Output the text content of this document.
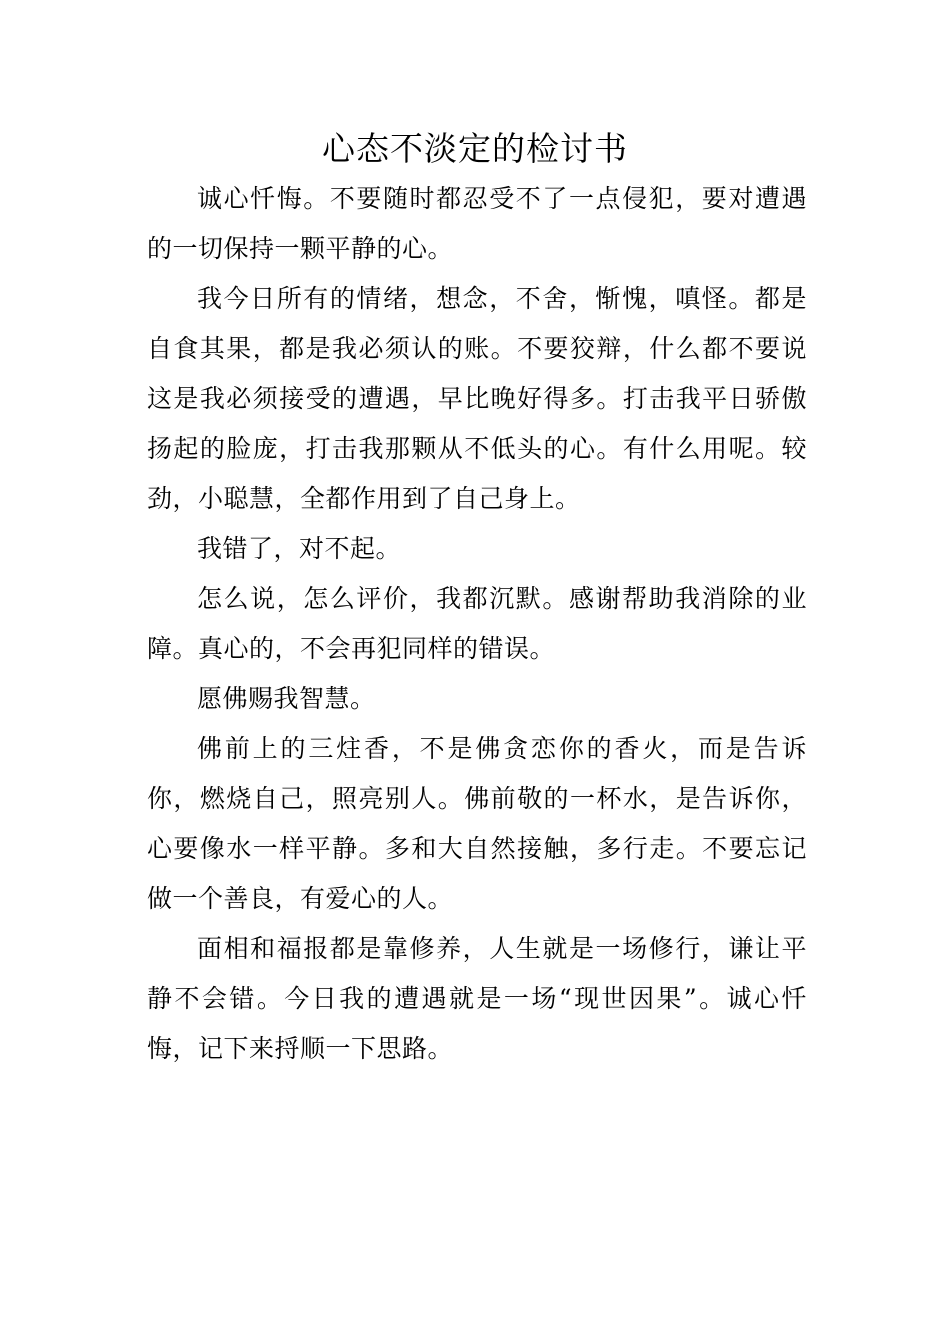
心态不淡定的检讨书

诚心忏悔。不要随时都忍受不了一点侵犯，要对遭遇的一切保持一颗平静的心。

我今日所有的情绪，想念，不舍，惭愧，嗔怪。都是自食其果，都是我必须认的账。不要狡辩，什么都不要说这是我必须接受的遭遇，早比晚好得多。打击我平日骄傲扬起的脸庞，打击我那颗从不低头的心。有什么用呢。较劲，小聪慧，全都作用到了自己身上。

我错了，对不起。

怎么说，怎么评价，我都沉默。感谢帮助我消除的业障。真心的，不会再犯同样的错误。

愿佛赐我智慧。

佛前上的三炷香，不是佛贪恋你的香火，而是告诉你，燃烧自己，照亮别人。佛前敬的一杯水，是告诉你，心要像水一样平静。多和大自然接触，多行走。不要忘记做一个善良，有爱心的人。

面相和福报都是靠修养，人生就是一场修行，谦让平静不会错。今日我的遭遇就是一场“现世因果”。诚心忏悔，记下来捋顺一下思路。
